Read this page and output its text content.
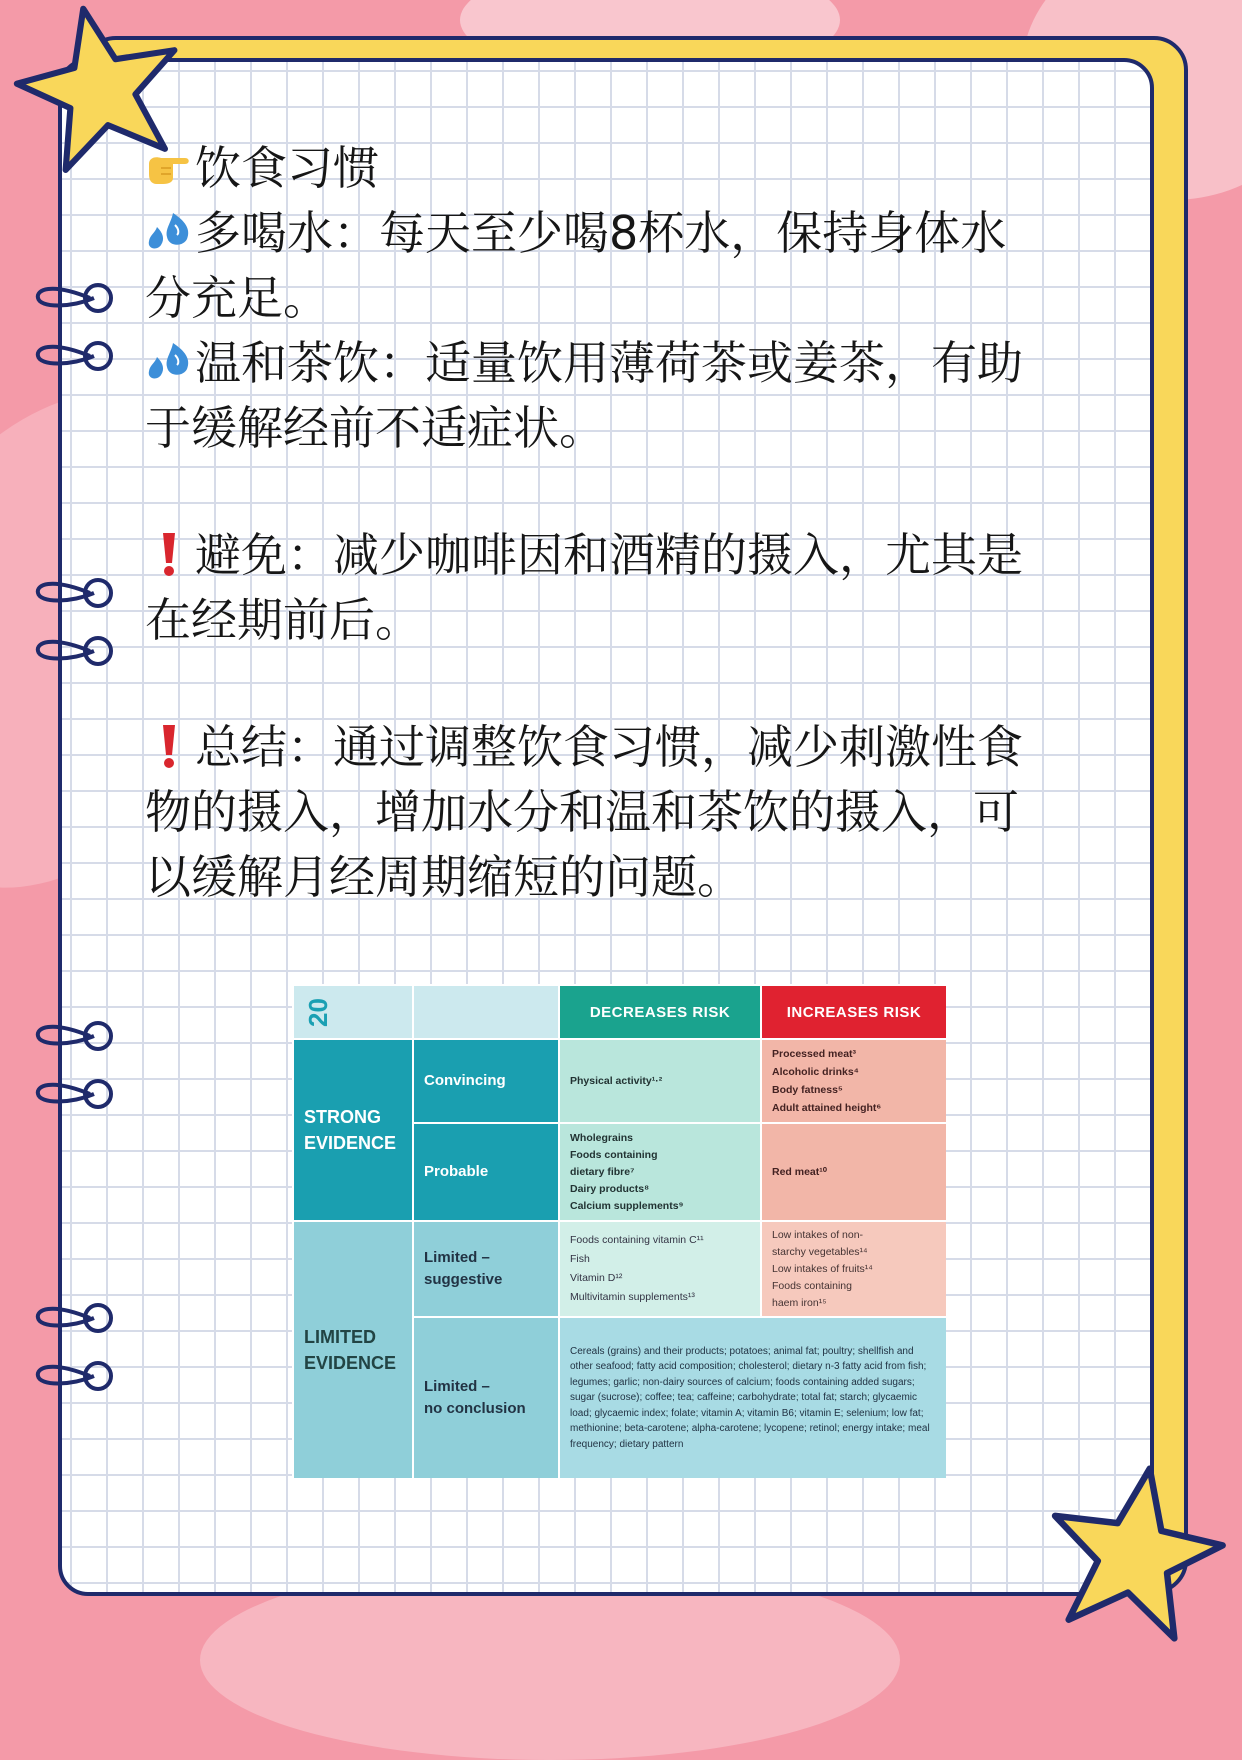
饮食习惯
多喝水：每天至少喝8杯水，保持身体水
分充足。
温和茶饮：适量饮用薄荷茶或姜茶，有助
于缓解经前不适症状。
避免：减少咖啡因和酒精的摄入，尤其是
在经期前后。
总结：通过调整饮食习惯，减少刺激性食
物的摄入，增加水分和温和茶饮的摄入，可
以缓解月经周期缩短的问题。
20		DECREASES RISK	INCREASES RISK

STRONG
EVIDENCE	Convincing	Physical activity¹·²	Processed meat³
Alcoholic drinks⁴
Body fatness⁵
Adult attained height⁶

	Probable	Wholegrains
Foods containing
dietary fibre⁷
Dairy products⁸
Calcium supplements⁹	Red meat¹⁰

LIMITED
EVIDENCE	Limited –
suggestive	Foods containing vitamin C¹¹
Fish
Vitamin D¹²
Multivitamin supplements¹³	Low intakes of non-
starchy vegetables¹⁴
Low intakes of fruits¹⁴
Foods containing
haem iron¹⁵

	Limited –
no conclusion	Cereals (grains) and their products; potatoes; animal fat; poultry; shellfish and other seafood; fatty acid composition; cholesterol; dietary n-3 fatty acid from fish; legumes; garlic; non-dairy sources of calcium; foods containing added sugars; sugar (sucrose); coffee; tea; caffeine; carbohydrate; total fat; starch; glycaemic load; glycaemic index; folate; vitamin A; vitamin B6; vitamin E; selenium; low fat; methionine; beta-carotene; alpha-carotene; lycopene; retinol; energy intake; meal frequency; dietary pattern	
